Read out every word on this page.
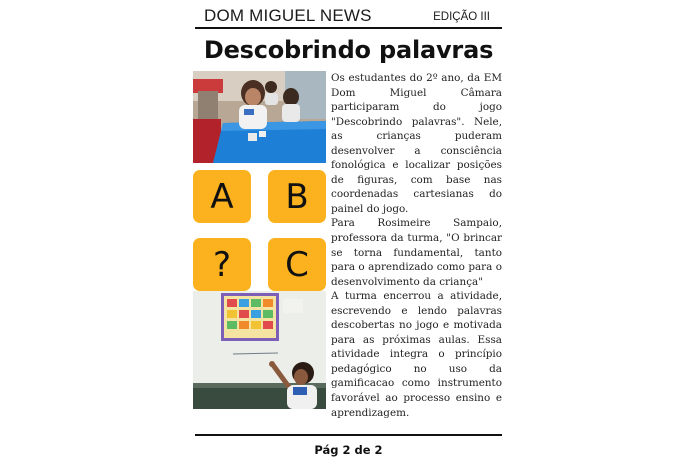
DOM MIGUEL NEWS	EDIÇÃO III
Descobrindo palavras
A	B
?	C

Os estudantes do 2º ano, da EM Dom Miguel Câmara participaram do jogo "Descobrindo palavras". Nele, as crianças puderam desenvolver a consciência fonológica e localizar posições de figuras, com base nas coordenadas cartesianas do painel do jogo.

Para Rosimeire Sampaio, professora da turma, "O brincar se torna fundamental, tanto para o aprendizado como para o desenvolvimento da criança"

A turma encerrou a atividade, escrevendo e lendo palavras descobertas no jogo e motivada para as próximas aulas. Essa atividade integra o princípio pedagógico no uso da gamificacao como instrumento favorável ao processo ensino e aprendizagem.

Pág 2 de 2
